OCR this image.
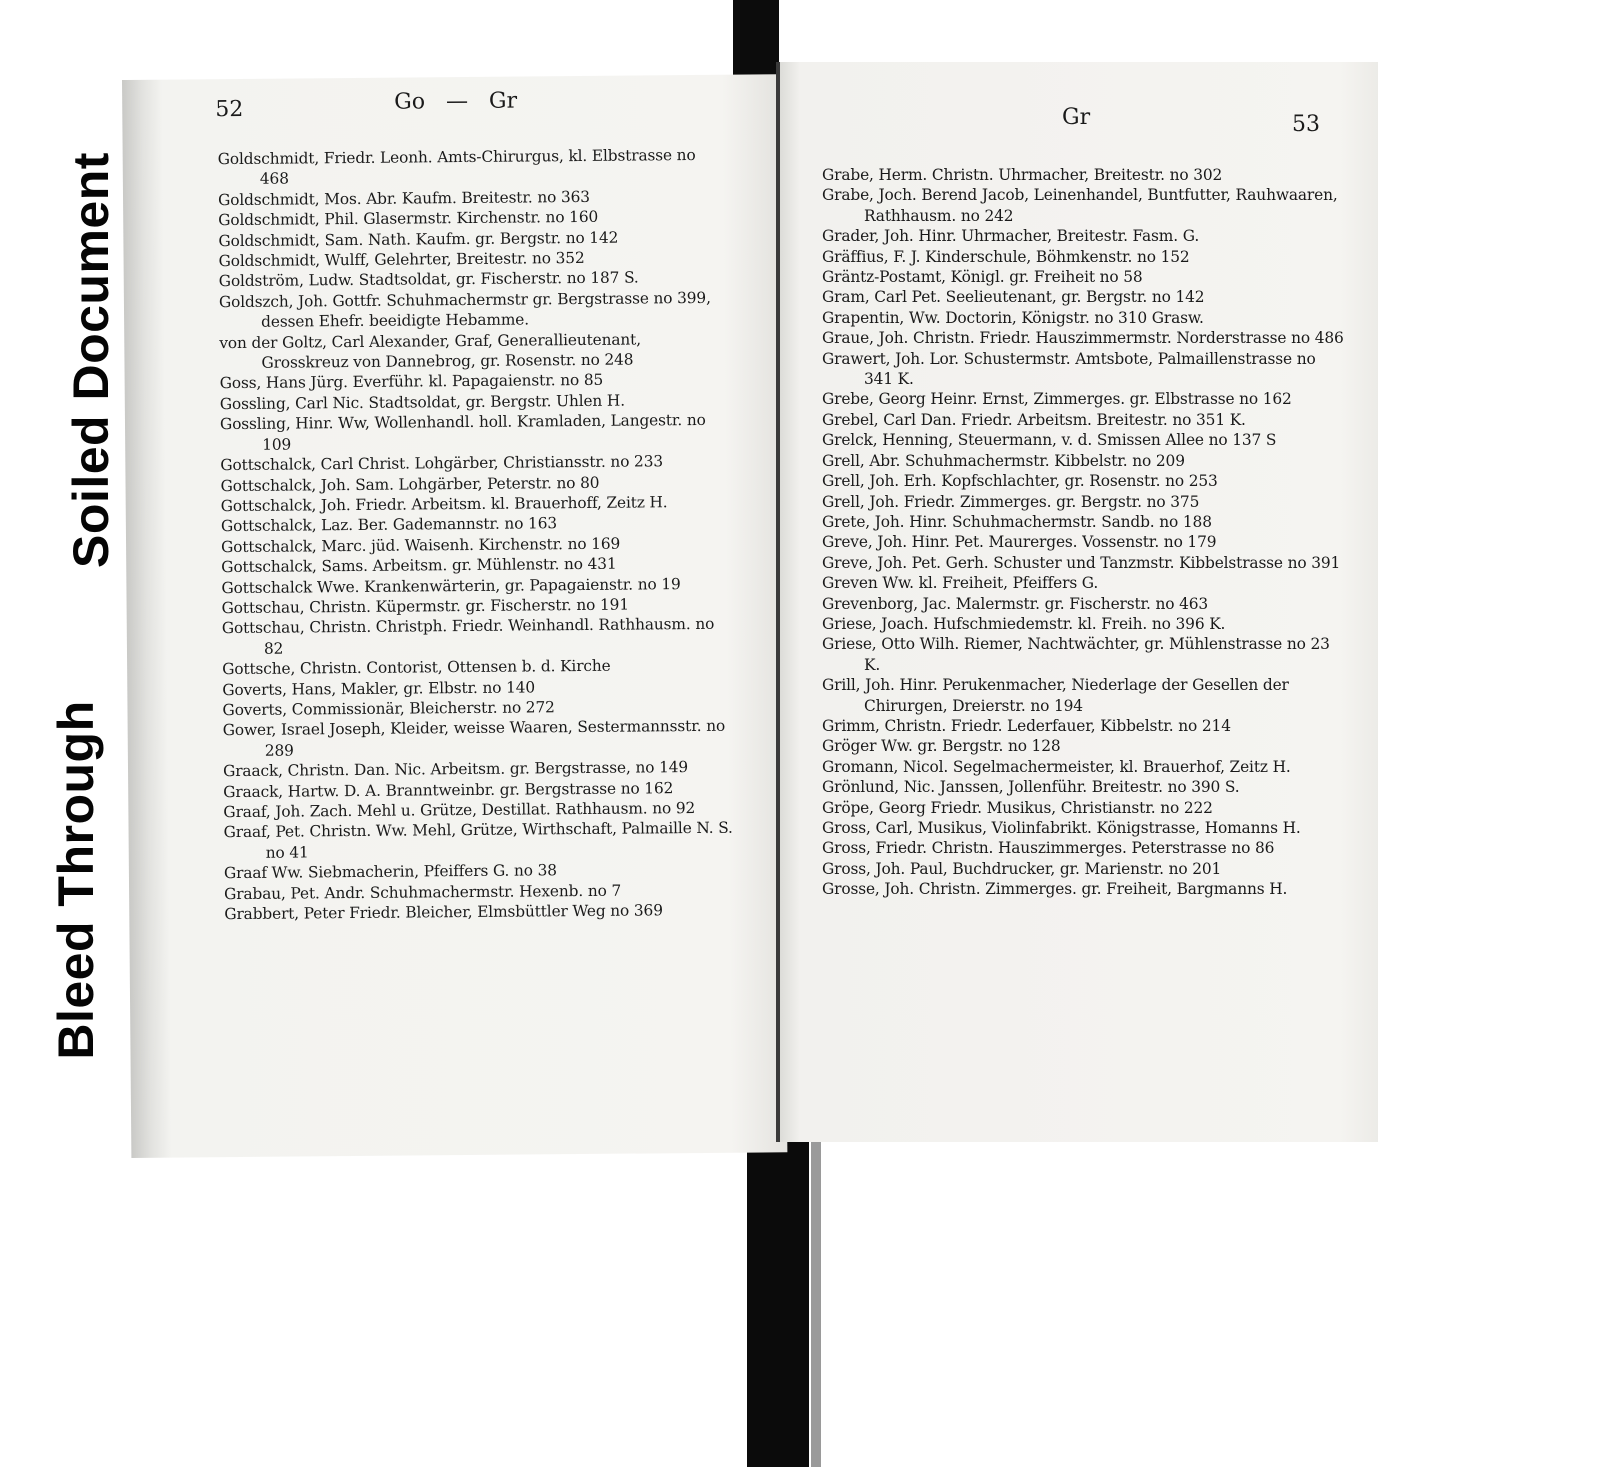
Soiled Document
Bleed Through
52	Go — Gr
Goldschmidt, Friedr. Leonh. Amts-Chirurgus, kl. Elbstrasse no 468
Goldschmidt, Mos. Abr. Kaufm. Breitestr. no 363
Goldschmidt, Phil. Glasermstr. Kirchenstr. no 160
Goldschmidt, Sam. Nath. Kaufm. gr. Bergstr. no 142
Goldschmidt, Wulff, Gelehrter, Breitestr. no 352
Goldström, Ludw. Stadtsoldat, gr. Fischerstr. no 187 S.
Goldszch, Joh. Gottfr. Schuhmachermstr gr. Bergstrasse no 399, dessen Ehefr. beeidigte Hebamme.
von der Goltz, Carl Alexander, Graf, Generallieutenant, Grosskreuz von Dannebrog, gr. Rosenstr. no 248
Goss, Hans Jürg. Everführ. kl. Papagaienstr. no 85
Gossling, Carl Nic. Stadtsoldat, gr. Bergstr. Uhlen H.
Gossling, Hinr. Ww, Wollenhandl. holl. Kramladen, Langestr. no 109
Gottschalck, Carl Christ. Lohgärber, Christiansstr. no 233
Gottschalck, Joh. Sam. Lohgärber, Peterstr. no 80
Gottschalck, Joh. Friedr. Arbeitsm. kl. Brauerhoff, Zeitz H.
Gottschalck, Laz. Ber. Gademannstr. no 163
Gottschalck, Marc. jüd. Waisenh. Kirchenstr. no 169
Gottschalck, Sams. Arbeitsm. gr. Mühlenstr. no 431
Gottschalck Wwe. Krankenwärterin, gr. Papagaienstr. no 19
Gottschau, Christn. Küpermstr. gr. Fischerstr. no 191
Gottschau, Christn. Christph. Friedr. Weinhandl. Rathhausm. no 82
Gottsche, Christn. Contorist, Ottensen b. d. Kirche
Goverts, Hans, Makler, gr. Elbstr. no 140
Goverts, Commissionär, Bleicherstr. no 272
Gower, Israel Joseph, Kleider, weisse Waaren, Sestermannsstr. no 289
Graack, Christn. Dan. Nic. Arbeitsm. gr. Bergstrasse, no 149
Graack, Hartw. D. A. Branntweinbr. gr. Bergstrasse no 162
Graaf, Joh. Zach. Mehl u. Grütze, Destillat. Rathhausm. no 92
Graaf, Pet. Christn. Ww. Mehl, Grütze, Wirthschaft, Palmaille N. S. no 41
Graaf Ww. Siebmacherin, Pfeiffers G. no 38
Grabau, Pet. Andr. Schuhmachermstr. Hexenb. no 7
Grabbert, Peter Friedr. Bleicher, Elmsbüttler Weg no 369
Gr	53
Grabe, Herm. Christn. Uhrmacher, Breitestr. no 302
Grabe, Joch. Berend Jacob, Leinenhandel, Buntfutter, Rauhwaaren, Rathhausm. no 242
Grader, Joh. Hinr. Uhrmacher, Breitestr. Fasm. G.
Gräffius, F. J. Kinderschule, Böhmkenstr. no 152
Gräntz-Postamt, Königl. gr. Freiheit no 58
Gram, Carl Pet. Seelieutenant, gr. Bergstr. no 142
Grapentin, Ww. Doctorin, Königstr. no 310 Grasw.
Graue, Joh. Christn. Friedr. Hauszimmermstr. Norderstrasse no 486
Grawert, Joh. Lor. Schustermstr. Amtsbote, Palmaillenstrasse no 341 K.
Grebe, Georg Heinr. Ernst, Zimmerges. gr. Elbstrasse no 162
Grebel, Carl Dan. Friedr. Arbeitsm. Breitestr. no 351 K.
Grelck, Henning, Steuermann, v. d. Smissen Allee no 137 S
Grell, Abr. Schuhmachermstr. Kibbelstr. no 209
Grell, Joh. Erh. Kopfschlachter, gr. Rosenstr. no 253
Grell, Joh. Friedr. Zimmerges. gr. Bergstr. no 375
Grete, Joh. Hinr. Schuhmachermstr. Sandb. no 188
Greve, Joh. Hinr. Pet. Maurerges. Vossenstr. no 179
Greve, Joh. Pet. Gerh. Schuster und Tanzmstr. Kibbelstrasse no 391
Greven Ww. kl. Freiheit, Pfeiffers G.
Grevenborg, Jac. Malermstr. gr. Fischerstr. no 463
Griese, Joach. Hufschmiedemstr. kl. Freih. no 396 K.
Griese, Otto Wilh. Riemer, Nachtwächter, gr. Mühlenstrasse no 23 K.
Grill, Joh. Hinr. Perukenmacher, Niederlage der Gesellen der Chirurgen, Dreierstr. no 194
Grimm, Christn. Friedr. Lederfauer, Kibbelstr. no 214
Gröger Ww. gr. Bergstr. no 128
Gromann, Nicol. Segelmachermeister, kl. Brauerhof, Zeitz H.
Grönlund, Nic. Janssen, Jollenführ. Breitestr. no 390 S.
Gröpe, Georg Friedr. Musikus, Christianstr. no 222
Gross, Carl, Musikus, Violinfabrikt. Königstrasse, Homanns H.
Gross, Friedr. Christn. Hauszimmerges. Peterstrasse no 86
Gross, Joh. Paul, Buchdrucker, gr. Marienstr. no 201
Grosse, Joh. Christn. Zimmerges. gr. Freiheit, Bargmanns H.
